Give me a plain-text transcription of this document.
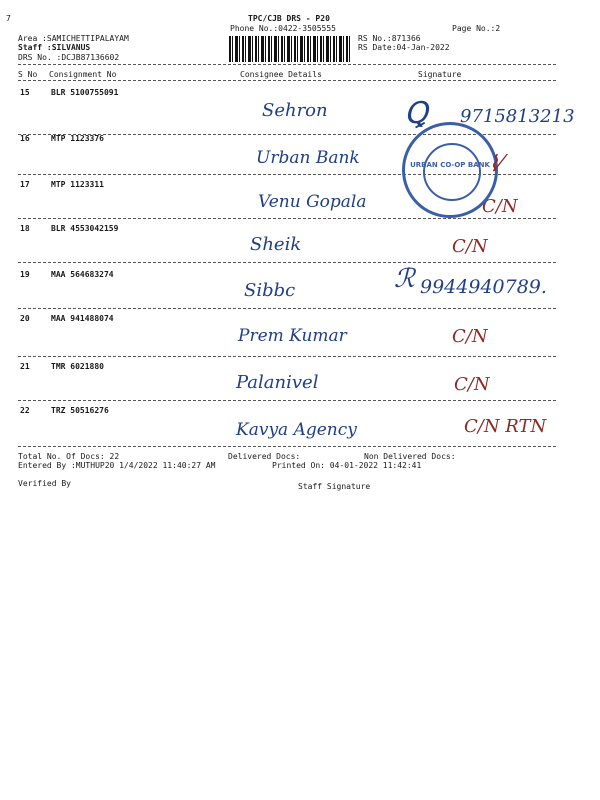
7	TPC/CJB DRS - P20
Phone No.:0422-3505555	Page No.:2
Area :SAMICHETTIPALAYAM
Staff :SILVANUS
DRS No. :DCJB87136602
RS No.:871366
RS Date:04-Jan-2022
S No Consignment No	Consignee Details	Signature
15	BLR 5100755091
Sehron	Ꝗ 9715813213
16	MTP 1123376
Urban Bank
17	MTP 1123311
Venu Gopala	C/N
URBAN CO-OP BANK
⌇⁄
18	BLR 4553042159
Sheik	C/N
19	MAA 564683274
Sibbc	ℛ 9944940789.
20	MAA 941488074
Prem Kumar	C/N
21	TMR 6021880
Palanivel	C/N
22	TRZ 50516276
Kavya Agency	C/N RTN
Total No. Of Docs: 22	Delivered Docs:	Non Delivered Docs:
Entered By :MUTHUP20 1/4/2022 11:40:27 AM	Printed On: 04-01-2022 11:42:41
Verified By	Staff Signature
